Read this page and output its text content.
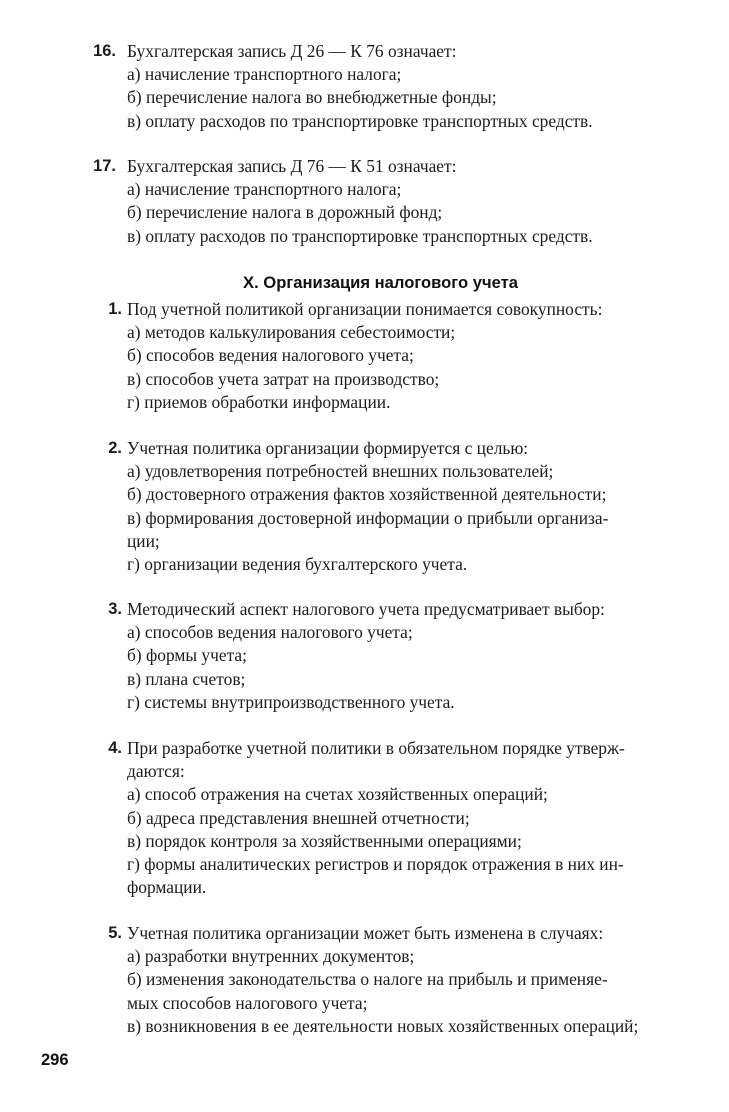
16. Бухгалтерская запись Д 26 — К 76 означает:
а) начисление транспортного налога;
б) перечисление налога во внебюджетные фонды;
в) оплату расходов по транспортировке транспортных средств.
17. Бухгалтерская запись Д 76 — К 51 означает:
а) начисление транспортного налога;
б) перечисление налога в дорожный фонд;
в) оплату расходов по транспортировке транспортных средств.
X. Организация налогового учета
1. Под учетной политикой организации понимается совокупность:
а) методов калькулирования себестоимости;
б) способов ведения налогового учета;
в) способов учета затрат на производство;
г) приемов обработки информации.
2. Учетная политика организации формируется с целью:
а) удовлетворения потребностей внешних пользователей;
б) достоверного отражения фактов хозяйственной деятельности;
в) формирования достоверной информации о прибыли организа-
ции;
г) организации ведения бухгалтерского учета.
3. Методический аспект налогового учета предусматривает выбор:
а) способов ведения налогового учета;
б) формы учета;
в) плана счетов;
г) системы внутрипроизводственного учета.
4. При разработке учетной политики в обязательном порядке утверж-
даются:
а) способ отражения на счетах хозяйственных операций;
б) адреса представления внешней отчетности;
в) порядок контроля за хозяйственными операциями;
г) формы аналитических регистров и порядок отражения в них ин-
формации.
5. Учетная политика организации может быть изменена в случаях:
а) разработки внутренних документов;
б) изменения законодательства о налоге на прибыль и применяе-
мых способов налогового учета;
в) возникновения в ее деятельности новых хозяйственных операций;
296
